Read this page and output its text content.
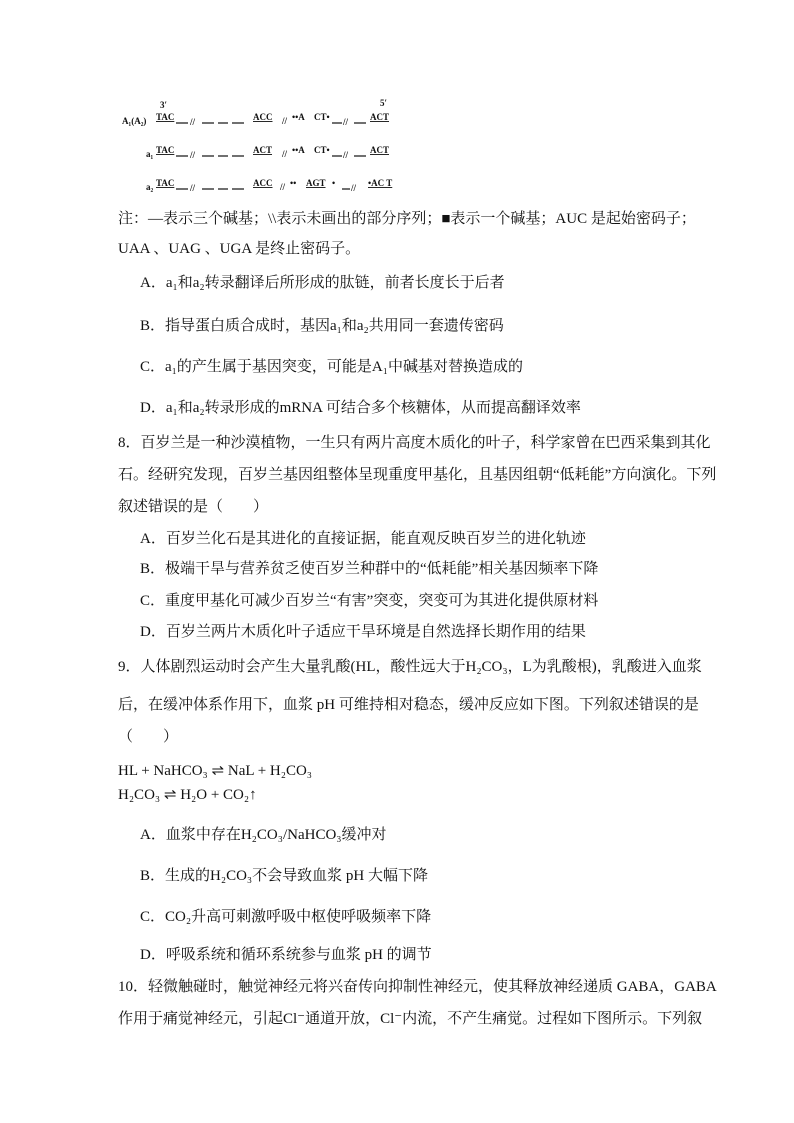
3′	5′
A₁(A₂) TAC //	ACC // ••A CT• // ACT
a₁ TAC //	ACT // ••A CT• // ACT
a₂ TAC //	ACC // •• AGT • // •AC T
注：—表示三个碱基；\\表示未画出的部分序列；■表示一个碱基；AUC 是起始密码子；
UAA 、UAG 、UGA 是终止密码子。
A．a₁和a₂转录翻译后所形成的肽链，前者长度长于后者
B．指导蛋白质合成时，基因a₁和a₂共用同一套遗传密码
C．a₁的产生属于基因突变，可能是A₁中碱基对替换造成的
D．a₁和a₂转录形成的mRNA 可结合多个核糖体，从而提高翻译效率
8．百岁兰是一种沙漠植物，一生只有两片高度木质化的叶子，科学家曾在巴西采集到其化
石。经研究发现，百岁兰基因组整体呈现重度甲基化，且基因组朝“低耗能”方向演化。下列
叙述错误的是（　　）
A．百岁兰化石是其进化的直接证据，能直观反映百岁兰的进化轨迹
B．极端干旱与营养贫乏使百岁兰种群中的“低耗能”相关基因频率下降
C．重度甲基化可减少百岁兰“有害”突变，突变可为其进化提供原材料
D．百岁兰两片木质化叶子适应干旱环境是自然选择长期作用的结果
9．人体剧烈运动时会产生大量乳酸(HL，酸性远大于H₂CO₃，L为乳酸根)，乳酸进入血浆
后，在缓冲体系作用下，血浆 pH 可维持相对稳态，缓冲反应如下图。下列叙述错误的是
（　　）
HL + NaHCO₃ ⇌ NaL + H₂CO₃
H₂CO₃ ⇌ H₂O + CO₂↑
A．血浆中存在H₂CO₃/NaHCO₃缓冲对
B．生成的H₂CO₃不会导致血浆 pH 大幅下降
C．CO₂升高可刺激呼吸中枢使呼吸频率下降
D．呼吸系统和循环系统参与血浆 pH 的调节
10．轻微触碰时，触觉神经元将兴奋传向抑制性神经元，使其释放神经递质 GABA，GABA
作用于痛觉神经元，引起Cl⁻通道开放，Cl⁻内流，不产生痛觉。过程如下图所示。下列叙
